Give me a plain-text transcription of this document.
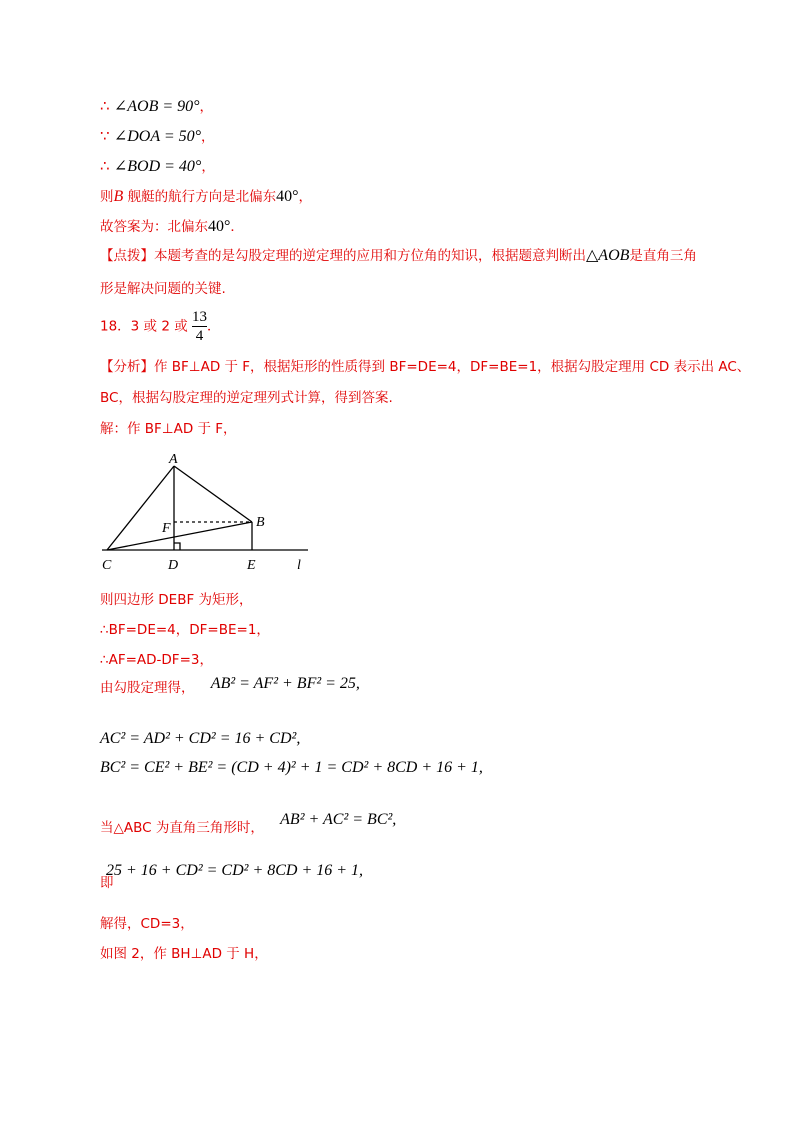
∴ ∠AOB = 90°，
∵ ∠DOA = 50°，
∴ ∠BOD = 40°，
则B 舰艇的航行方向是北偏东40°，
故答案为：北偏东40°．
【点拨】本题考查的是勾股定理的逆定理的应用和方位角的知识，根据题意判断出△AOB是直角三角
形是解决问题的关键.
18．3 或 2 或 $\frac{13}{4}$ ．
【分析】作 BF⊥AD 于 F，根据矩形的性质得到 BF=DE=4，DF=BE=1，根据勾股定理用 CD 表示出 AC、
BC，根据勾股定理的逆定理列式计算，得到答案.
解：作 BF⊥AD 于 F，
A
B
C	D	E
F
l
则四边形 DEBF 为矩形，
∴BF=DE=4，DF=BE=1，
∴AF=AD-DF=3，
由勾股定理得， AB² = AF² + BF² = 25,
AC² = AD² + CD² = 16 + CD²,
BC² = CE² + BE² = (CD + 4)² + 1 = CD² + 8CD + 16 + 1,
当△ABC 为直角三角形时， AB² + AC² = BC²,
25 + 16 + CD² = CD² + 8CD + 16 + 1,
即
解得，CD=3，
如图 2，作 BH⊥AD 于 H，
